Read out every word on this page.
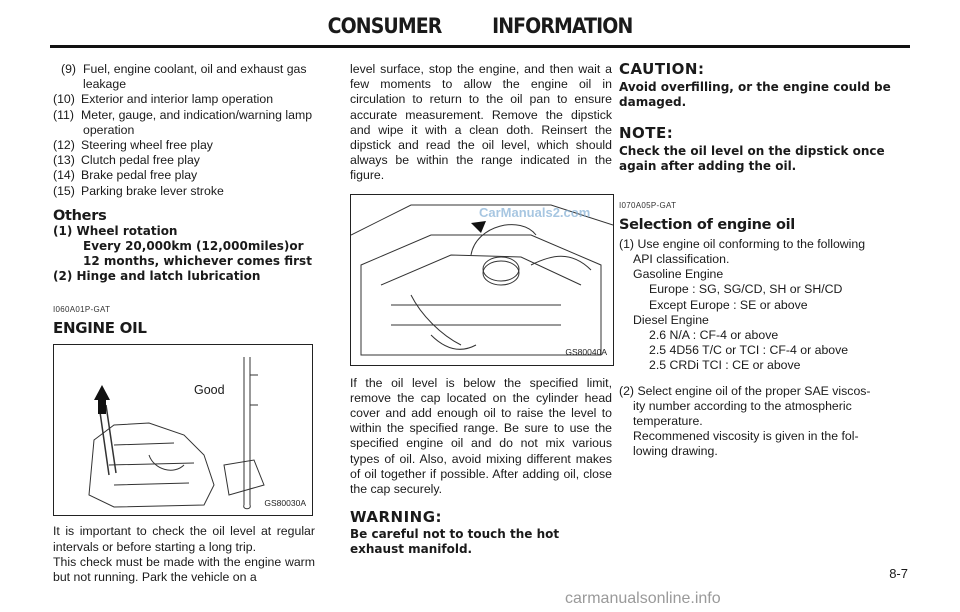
CONSUMER INFORMATION
(9) Fuel, engine coolant, oil and exhaust gas
leakage
(10) Exterior and interior lamp operation
(11) Meter, gauge, and indication/warning lamp
operation
(12) Steering wheel free play
(13) Clutch pedal free play
(14) Brake pedal free play
(15) Parking brake lever stroke
Others
(1) Wheel rotation
Every 20,000km (12,000miles)or 12 months, whichever comes first
(2) Hinge and latch lubrication
I060A01P-GAT
ENGINE OIL
Good
GS80030A
It is important to check the oil level at regular intervals or before starting a long trip.
This check must be made with the engine warm but not running. Park the vehicle on a
level surface, stop the engine, and then wait a few moments to allow the engine oil in circulation to return to the oil pan to ensure accurate measurement. Remove the dipstick and wipe it with a clean doth. Reinsert the dipstick and read the oil level, which should always be within the range indicated in the figure.
CarManuals2.com
GS80040A
If the oil level is below the specified limit, remove the cap located on the cylinder head cover and add enough oil to raise the level to within the specified range. Be sure to use the specified engine oil and do not mix various types of oil. Also, avoid mixing different makes of oil together if possible. After adding oil, close the cap securely.
WARNING:
Be careful not to touch the hot exhaust manifold.
CAUTION:
Avoid overfilling, or the engine could be damaged.
NOTE:
Check the oil level on the dipstick once again after adding the oil.
I070A05P-GAT
Selection of engine oil
(1) Use engine oil conforming to the following
API classification.
Gasoline Engine
Europe : SG, SG/CD, SH or SH/CD
Except Europe : SE or above
Diesel Engine
2.6 N/A : CF-4 or above
2.5 4D56 T/C or TCI : CF-4 or above
2.5 CRDi TCI : CE or above
(2) Select engine oil of the proper SAE viscos-
ity number according to the atmospheric
temperature.
Recommened viscosity is given in the fol-
lowing drawing.
8-7
carmanualsonline.info
